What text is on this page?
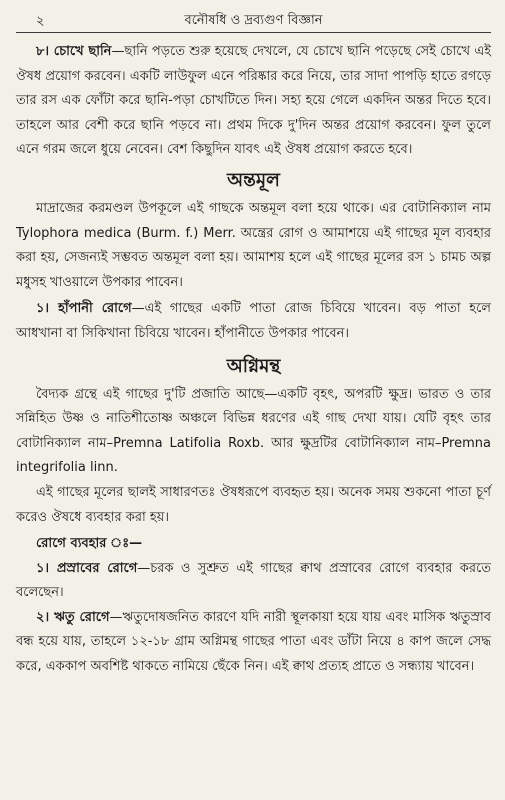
২	বনৌষধি ও দ্রব্যগুণ বিজ্ঞান

৮। চোখে ছানি—ছানি পড়তে শুরু হয়েছে দেখলে, যে চোখে ছানি পড়েছে সেই চোখে এই ঔষধ প্রয়োগ করবেন। একটি লাউফুল এনে পরিষ্কার করে নিয়ে, তার সাদা পাপড়ি হাতে রগড়ে তার রস এক ফোঁটা করে ছানি-পড়া চোখটিতে দিন। সহ্য হয়ে গেলে একদিন অন্তর দিতে হবে। তাহলে আর বেশী করে ছানি পড়বে না। প্রথম দিকে দু'দিন অন্তর প্রয়োগ করবেন। ফুল তুলে এনে গরম জলে ধুয়ে নেবেন। বেশ কিছুদিন যাবৎ এই ঔষধ প্রয়োগ করতে হবে।

অন্তমূল

মাদ্রাজের করমণ্ডল উপকূলে এই গাছকে অন্তমূল বলা হয়ে থাকে। এর বোটানিক্যাল নাম Tylophora medica (Burm. f.) Merr. অন্ত্রের রোগ ও আমাশয়ে এই গাছের মূল ব্যবহার করা হয়, সেজন্যই সম্ভবত অন্তমূল বলা হয়। আমাশয় হলে এই গাছের মূলের রস ১ চামচ অল্প মধুসহ খাওয়ালে উপকার পাবেন।

১। হাঁপানী রোগে—এই গাছের একটি পাতা রোজ চিবিয়ে খাবেন। বড় পাতা হলে আধখানা বা সিকিখানা চিবিয়ে খাবেন। হাঁপানীতে উপকার পাবেন।

অগ্নিমন্থ

বৈদ্যক গ্রন্থে এই গাছের দু'টি প্রজাতি আছে—একটি বৃহৎ, অপরটি ক্ষুদ্র। ভারত ও তার সন্নিহিত উষ্ণ ও নাতিশীতোষ্ণ অঞ্চলে বিভিন্ন ধরণের এই গাছ দেখা যায়। যেটি বৃহৎ তার বোটানিক্যাল নাম–Premna Latifolia Roxb. আর ক্ষুদ্রটির বোটানিক্যাল নাম–Premna integrifolia linn.

এই গাছের মূলের ছালই সাধারণতঃ ঔষধরূপে ব্যবহৃত হয়। অনেক সময় শুকনো পাতা চূর্ণ করেও ঔষধে ব্যবহার করা হয়।

রোগে ব্যবহার ঃ—

১। প্রস্রাবের রোগে—চরক ও সুশ্রুত এই গাছের ক্বাথ প্রস্রাবের রোগে ব্যবহার করতে বলেছেন।

২। ঋতু রোগে—ঋতুদোষজনিত কারণে যদি নারী স্থূলকায়া হয়ে যায় এবং মাসিক ঋতুস্রাব বন্ধ হয়ে যায়, তাহলে ১২-১৮ গ্রাম অগ্নিমন্থ গাছের পাতা এবং ডাঁটা নিয়ে ৪ কাপ জলে সেদ্ধ করে, এককাপ অবশিষ্ট থাকতে নামিয়ে ছেঁকে নিন। এই ক্বাথ প্রত্যহ প্রাতে ও সন্ধ্যায় খাবেন।
